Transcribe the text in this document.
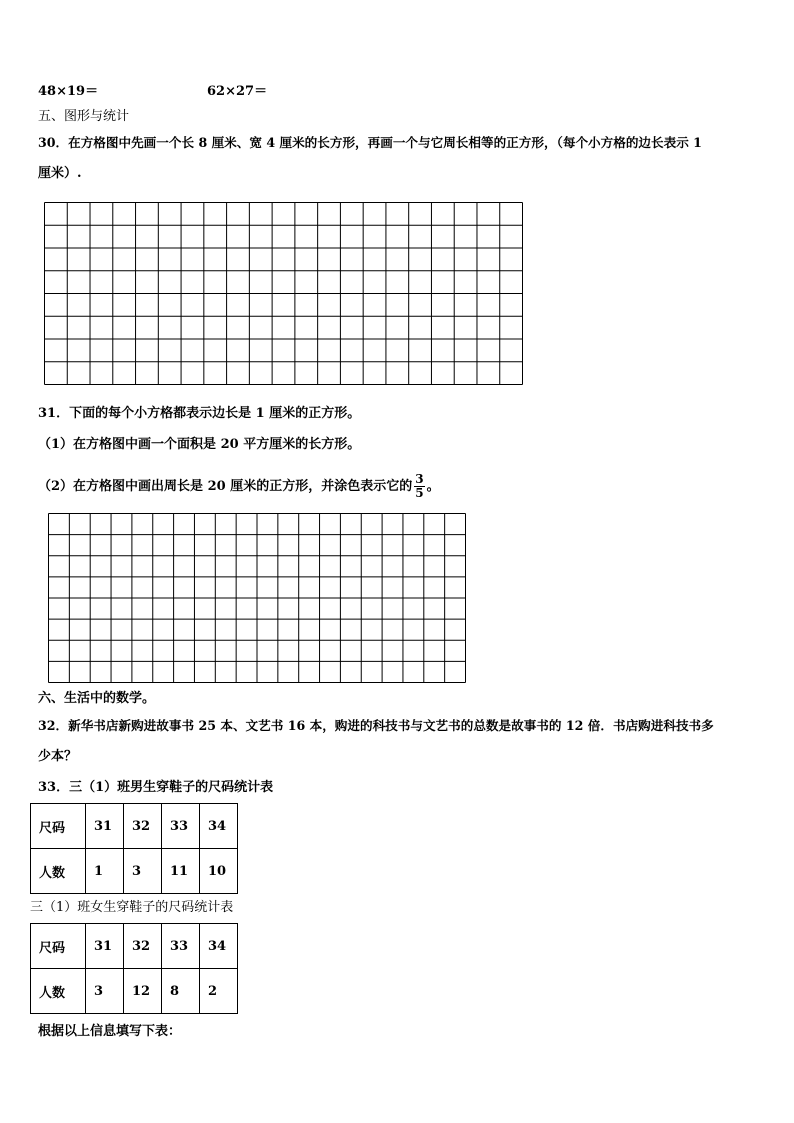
48×19＝	62×27＝
五、图形与统计
30．在方格图中先画一个长 8 厘米、宽 4 厘米的长方形，再画一个与它周长相等的正方形，（每个小方格的边长表示 1
厘米）.
31．下面的每个小方格都表示边长是 1 厘米的正方形。
（1）在方格图中画一个面积是 20 平方厘米的长方形。
（2）在方格图中画出周长是 20 厘米的正方形，并涂色表示它的 $\frac{3}{5}$ 。
六、生活中的数学。
32．新华书店新购进故事书 25 本、文艺书 16 本，购进的科技书与文艺书的总数是故事书的 12 倍．书店购进科技书多
少本？
33．三（1）班男生穿鞋子的尺码统计表
尺码	31	32	33	34
人数	1	3	11	10
三（1）班女生穿鞋子的尺码统计表
尺码	31	32	33	34
人数	3	12	8	2
根据以上信息填写下表：
